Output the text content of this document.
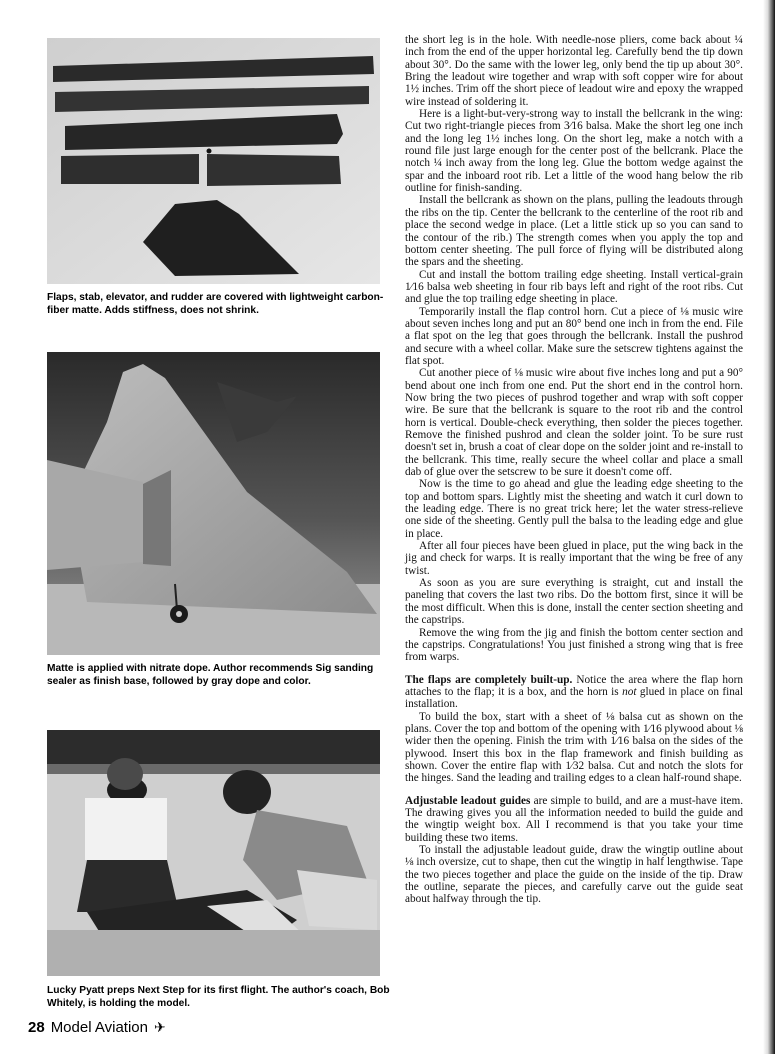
Flaps, stab, elevator, and rudder are covered with lightweight carbon-fiber matte. Adds stiffness, does not shrink.
Matte is applied with nitrate dope. Author recommends Sig sanding sealer as finish base, followed by gray dope and color.
Lucky Pyatt preps Next Step for its first flight. The author's coach, Bob Whitely, is holding the model.
28 Model Aviation ✈

the short leg is in the hole. With needle-nose pliers, come back about ¼ inch from the end of the upper horizontal leg. Carefully bend the tip down about 30°. Do the same with the lower leg, only bend the tip up about 30°. Bring the leadout wire together and wrap with soft copper wire for about 1½ inches. Trim off the short piece of leadout wire and epoxy the wrapped wire instead of soldering it.

Here is a light-but-very-strong way to install the bellcrank in the wing: Cut two right-triangle pieces from 3⁄16 balsa. Make the short leg one inch and the long leg 1½ inches long. On the short leg, make a notch with a round file just large enough for the center post of the bellcrank. Place the notch ¼ inch away from the long leg. Glue the bottom wedge against the spar and the inboard root rib. Let a little of the wood hang below the rib outline for finish-sanding.

Install the bellcrank as shown on the plans, pulling the leadouts through the ribs on the tip. Center the bellcrank to the centerline of the root rib and place the second wedge in place. (Let a little stick up so you can sand to the contour of the rib.) The strength comes when you apply the top and bottom center sheeting. The pull force of flying will be distributed along the spars and the sheeting.

Cut and install the bottom trailing edge sheeting. Install vertical-grain 1⁄16 balsa web sheeting in four rib bays left and right of the root ribs. Cut and glue the top trailing edge sheeting in place.

Temporarily install the flap control horn. Cut a piece of ⅛ music wire about seven inches long and put an 80° bend one inch in from the end. File a flat spot on the leg that goes through the bellcrank. Install the pushrod and secure with a wheel collar. Make sure the setscrew tightens against the flat spot.

Cut another piece of ⅛ music wire about five inches long and put a 90° bend about one inch from one end. Put the short end in the control horn. Now bring the two pieces of pushrod together and wrap with soft copper wire. Be sure that the bellcrank is square to the root rib and the control horn is vertical. Double-check everything, then solder the pieces together. Remove the finished pushrod and clean the solder joint. To be sure rust doesn't set in, brush a coat of clear dope on the solder joint and re-install to the bellcrank. This time, really secure the wheel collar and place a small dab of glue over the setscrew to be sure it doesn't come off.

Now is the time to go ahead and glue the leading edge sheeting to the top and bottom spars. Lightly mist the sheeting and watch it curl down to the leading edge. There is no great trick here; let the water stress-relieve one side of the sheeting. Gently pull the balsa to the leading edge and glue in place.

After all four pieces have been glued in place, put the wing back in the jig and check for warps. It is really important that the wing be free of any twist.

As soon as you are sure everything is straight, cut and install the paneling that covers the last two ribs. Do the bottom first, since it will be the most difficult. When this is done, install the center section sheeting and the capstrips.

Remove the wing from the jig and finish the bottom center section and the capstrips. Congratulations! You just finished a strong wing that is free from warps.

The flaps are completely built-up. Notice the area where the flap horn attaches to the flap; it is a box, and the horn is not glued in place on final installation.

To build the box, start with a sheet of ⅛ balsa cut as shown on the plans. Cover the top and bottom of the opening with 1⁄16 plywood about ⅛ wider then the opening. Finish the trim with 1⁄16 balsa on the sides of the plywood. Insert this box in the flap framework and finish building as shown. Cover the entire flap with 1⁄32 balsa. Cut and notch the slots for the hinges. Sand the leading and trailing edges to a clean half-round shape.

Adjustable leadout guides are simple to build, and are a must-have item. The drawing gives you all the information needed to build the guide and the wingtip weight box. All I recommend is that you take your time building these two items.

To install the adjustable leadout guide, draw the wingtip outline about ⅛ inch oversize, cut to shape, then cut the wingtip in half lengthwise. Tape the two pieces together and place the guide on the inside of the tip. Draw the outline, separate the pieces, and carefully carve out the guide seat about halfway through the tip.
